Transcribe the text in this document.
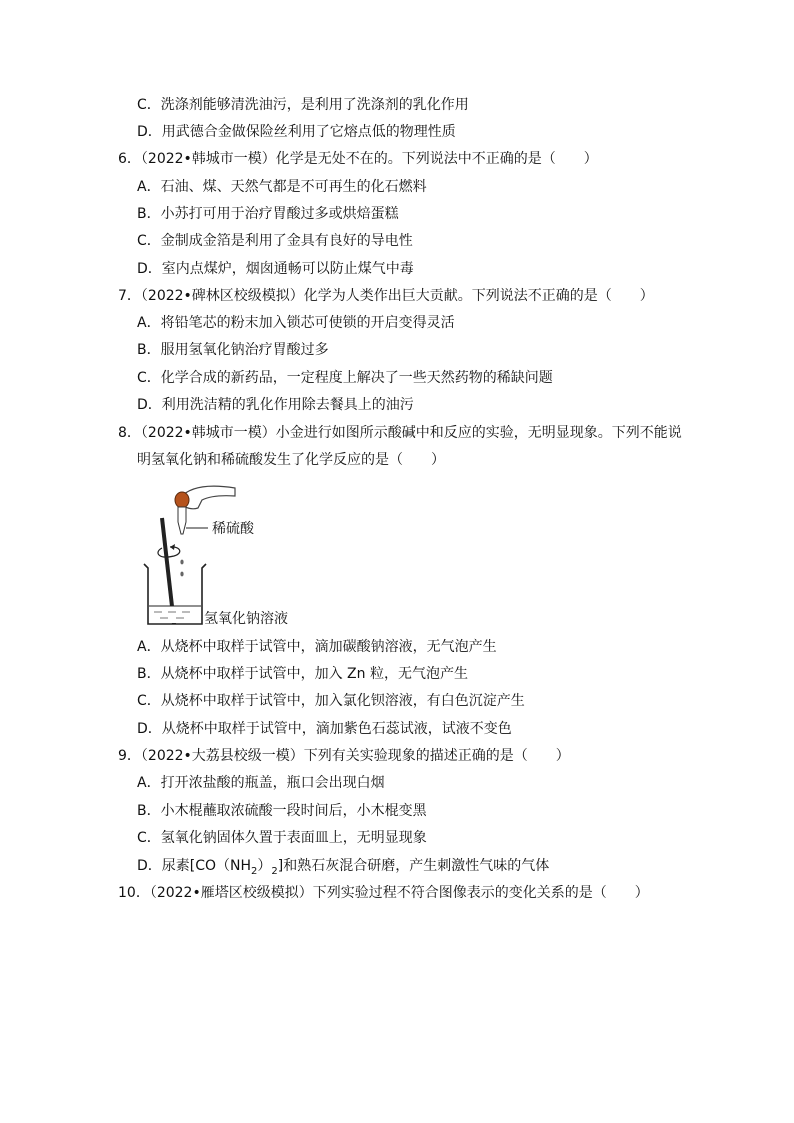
C．洗涤剂能够清洗油污，是利用了洗涤剂的乳化作用
D．用武德合金做保险丝利用了它熔点低的物理性质
6．（2022•韩城市一模）化学是无处不在的。下列说法中不正确的是（　　）
A．石油、煤、天然气都是不可再生的化石燃料
B．小苏打可用于治疗胃酸过多或烘焙蛋糕
C．金制成金箔是利用了金具有良好的导电性
D．室内点煤炉，烟囱通畅可以防止煤气中毒
7．（2022•碑林区校级模拟）化学为人类作出巨大贡献。下列说法不正确的是（　　）
A．将铅笔芯的粉末加入锁芯可使锁的开启变得灵活
B．服用氢氧化钠治疗胃酸过多
C．化学合成的新药品，一定程度上解决了一些天然药物的稀缺问题
D．利用洗洁精的乳化作用除去餐具上的油污
8．（2022•韩城市一模）小金进行如图所示酸碱中和反应的实验，无明显现象。下列不能说
明氢氧化钠和稀硫酸发生了化学反应的是（　　）
稀硫酸
氢氧化钠溶液
A．从烧杯中取样于试管中，滴加碳酸钠溶液，无气泡产生
B．从烧杯中取样于试管中，加入 Zn 粒，无气泡产生
C．从烧杯中取样于试管中，加入氯化钡溶液，有白色沉淀产生
D．从烧杯中取样于试管中，滴加紫色石蕊试液，试液不变色
9．（2022•大荔县校级一模）下列有关实验现象的描述正确的是（　　）
A．打开浓盐酸的瓶盖，瓶口会出现白烟
B．小木棍蘸取浓硫酸一段时间后，小木棍变黑
C．氢氧化钠固体久置于表面皿上，无明显现象
D．尿素$[CO(NH_2)_2]$和熟石灰混合研磨，产生刺激性气味的气体
10．（2022•雁塔区校级模拟）下列实验过程不符合图像表示的变化关系的是（　　）
